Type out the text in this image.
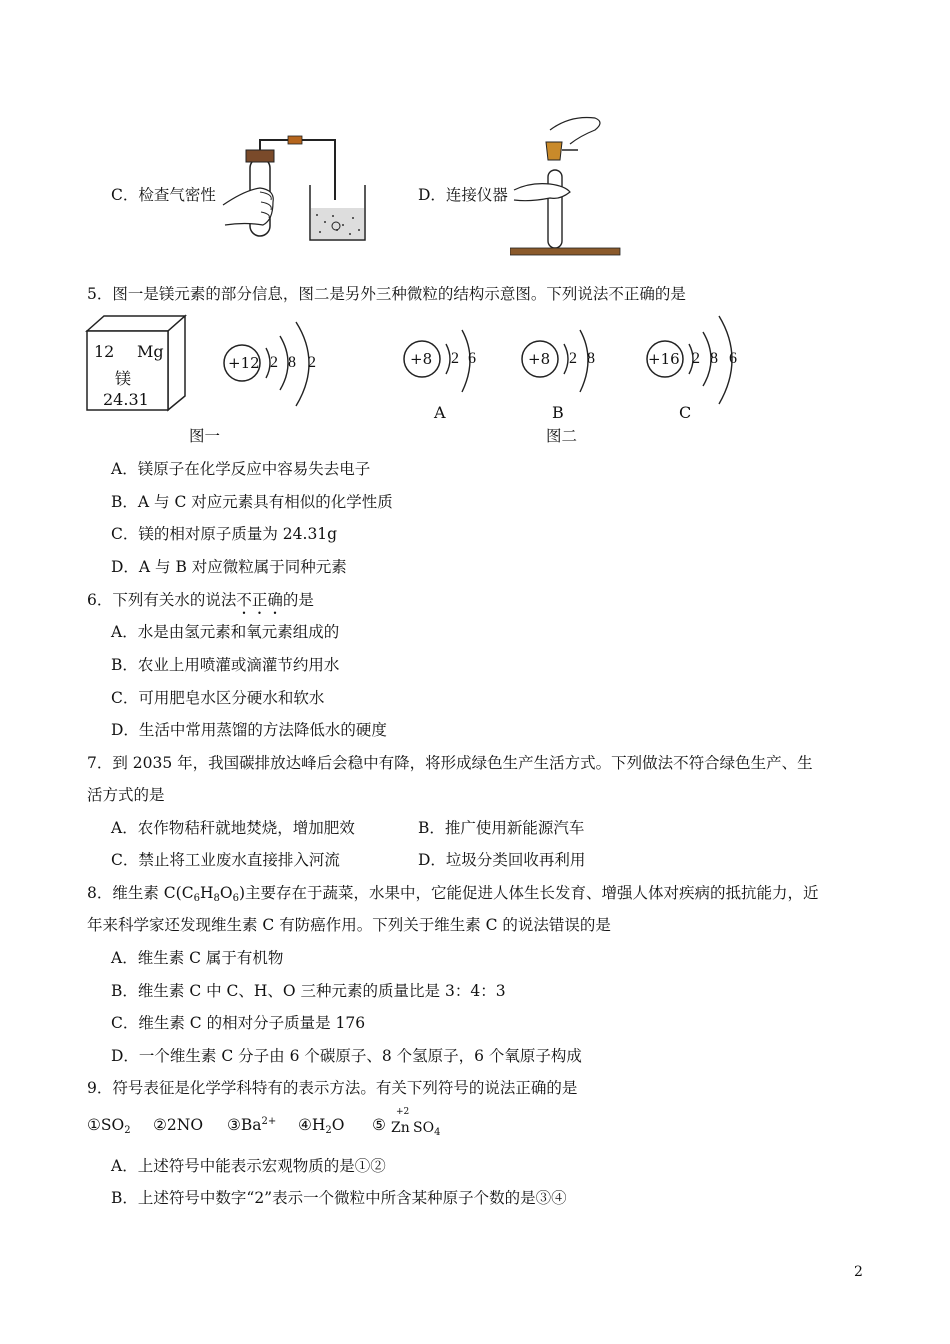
C．检查气密性	D．连接仪器
5．图一是镁元素的部分信息，图二是另外三种微粒的结构示意图。下列说法不正确的是
12 Mg
镁
24.31
+12 2 8 2	+8 2 6
A
+8 2 8
B
+16 2 8 6
C
图一	图二
A．镁原子在化学反应中容易失去电子
B．A 与 C 对应元素具有相似的化学性质
C．镁的相对原子质量为 24.31g
D．A 与 B 对应微粒属于同种元素
6．下列有关水的说法不正确的是
A．水是由氢元素和氧元素组成的
B．农业上用喷灌或滴灌节约用水
C．可用肥皂水区分硬水和软水
D．生活中常用蒸馏的方法降低水的硬度
7．到 2035 年，我国碳排放达峰后会稳中有降，将形成绿色生产生活方式。下列做法不符合绿色生产、生
活方式的是
A．农作物秸秆就地焚烧，增加肥效	B．推广使用新能源汽车
C．禁止将工业废水直接排入河流	D．垃圾分类回收再利用
8．维生素 $C(C_6H_8O_6)$主要存在于蔬菜，水果中，它能促进人体生长发育、增强人体对疾病的抵抗能力，近
年来科学家还发现维生素 C 有防癌作用。下列关于维生素 C 的说法错误的是
A．维生素 C 属于有机物
B．维生素 C 中 C、H、O 三种元素的质量比是 3：4：3
C．维生素 C 的相对分子质量是 176
D．一个维生素 C 分子由 6 个碳原子、8 个氢原子，6 个氧原子构成
9．符号表征是化学学科特有的表示方法。有关下列符号的说法正确的是
$①SO_2$ ②2NO $③Ba^{2+}$ $④H_2O$ ⑤
+2
Zn $SO_4$
A．上述符号中能表示宏观物质的是①②
B．上述符号中数字“2”表示一个微粒中所含某种原子个数的是③④
2
